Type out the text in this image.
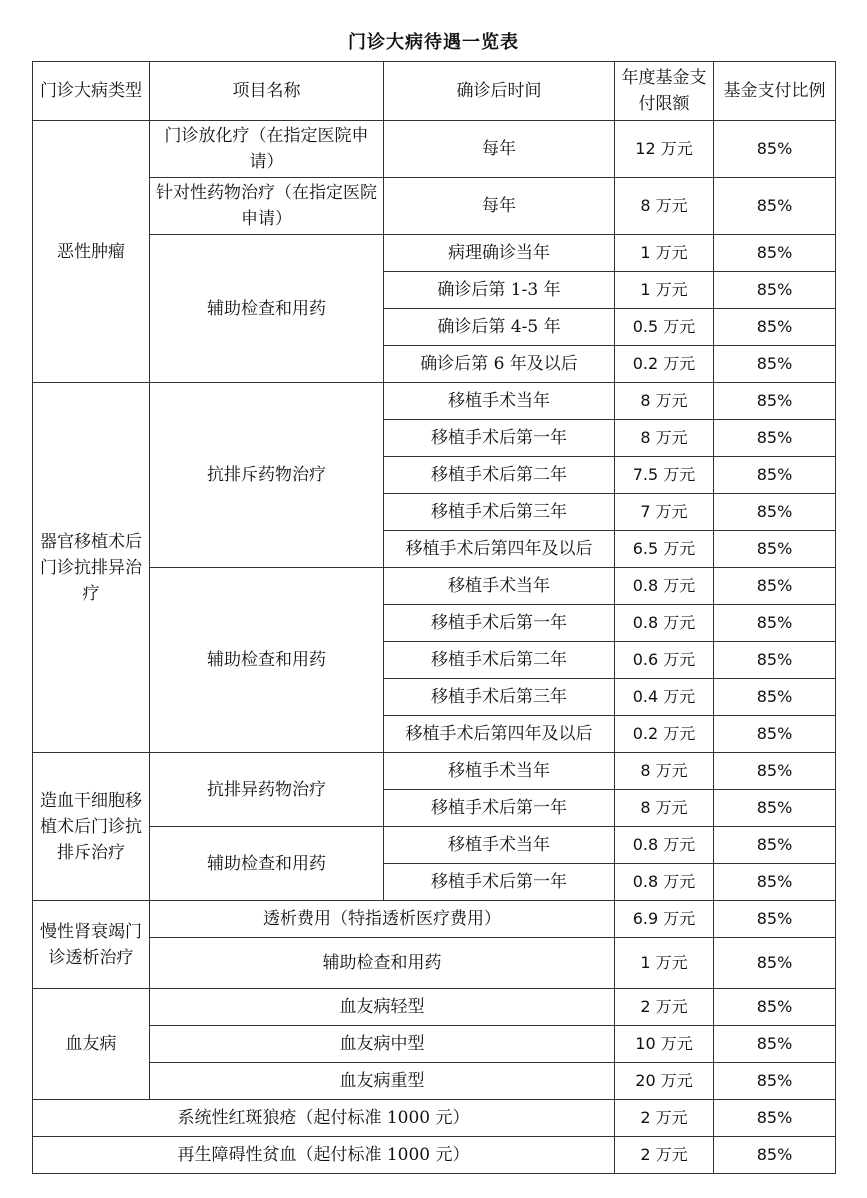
门诊大病待遇一览表
门诊大病类型	项目名称	确诊后时间	年度基金支付限额	基金支付比例
恶性肿瘤	门诊放化疗（在指定医院申请）	每年	12 万元	85%
	针对性药物治疗（在指定医院申请）	每年	8 万元	85%
	辅助检查和用药	病理确诊当年	1 万元	85%
		确诊后第 1-3 年	1 万元	85%
		确诊后第 4-5 年	0.5 万元	85%
		确诊后第 6 年及以后	0.2 万元	85%
器官移植术后门诊抗排异治疗	抗排斥药物治疗	移植手术当年	8 万元	85%
		移植手术后第一年	8 万元	85%
		移植手术后第二年	7.5 万元	85%
		移植手术后第三年	7 万元	85%
		移植手术后第四年及以后	6.5 万元	85%
	辅助检查和用药	移植手术当年	0.8 万元	85%
		移植手术后第一年	0.8 万元	85%
		移植手术后第二年	0.6 万元	85%
		移植手术后第三年	0.4 万元	85%
		移植手术后第四年及以后	0.2 万元	85%
造血干细胞移植术后门诊抗排斥治疗	抗排异药物治疗	移植手术当年	8 万元	85%
		移植手术后第一年	8 万元	85%
	辅助检查和用药	移植手术当年	0.8 万元	85%
		移植手术后第一年	0.8 万元	85%
慢性肾衰竭门诊透析治疗	透析费用（特指透析医疗费用）		6.9 万元	85%
	辅助检查和用药		1 万元	85%
血友病	血友病轻型		2 万元	85%
	血友病中型		10 万元	85%
	血友病重型		20 万元	85%
系统性红斑狼疮（起付标准 1000 元）			2 万元	85%
再生障碍性贫血（起付标准 1000 元）			2 万元	85%
